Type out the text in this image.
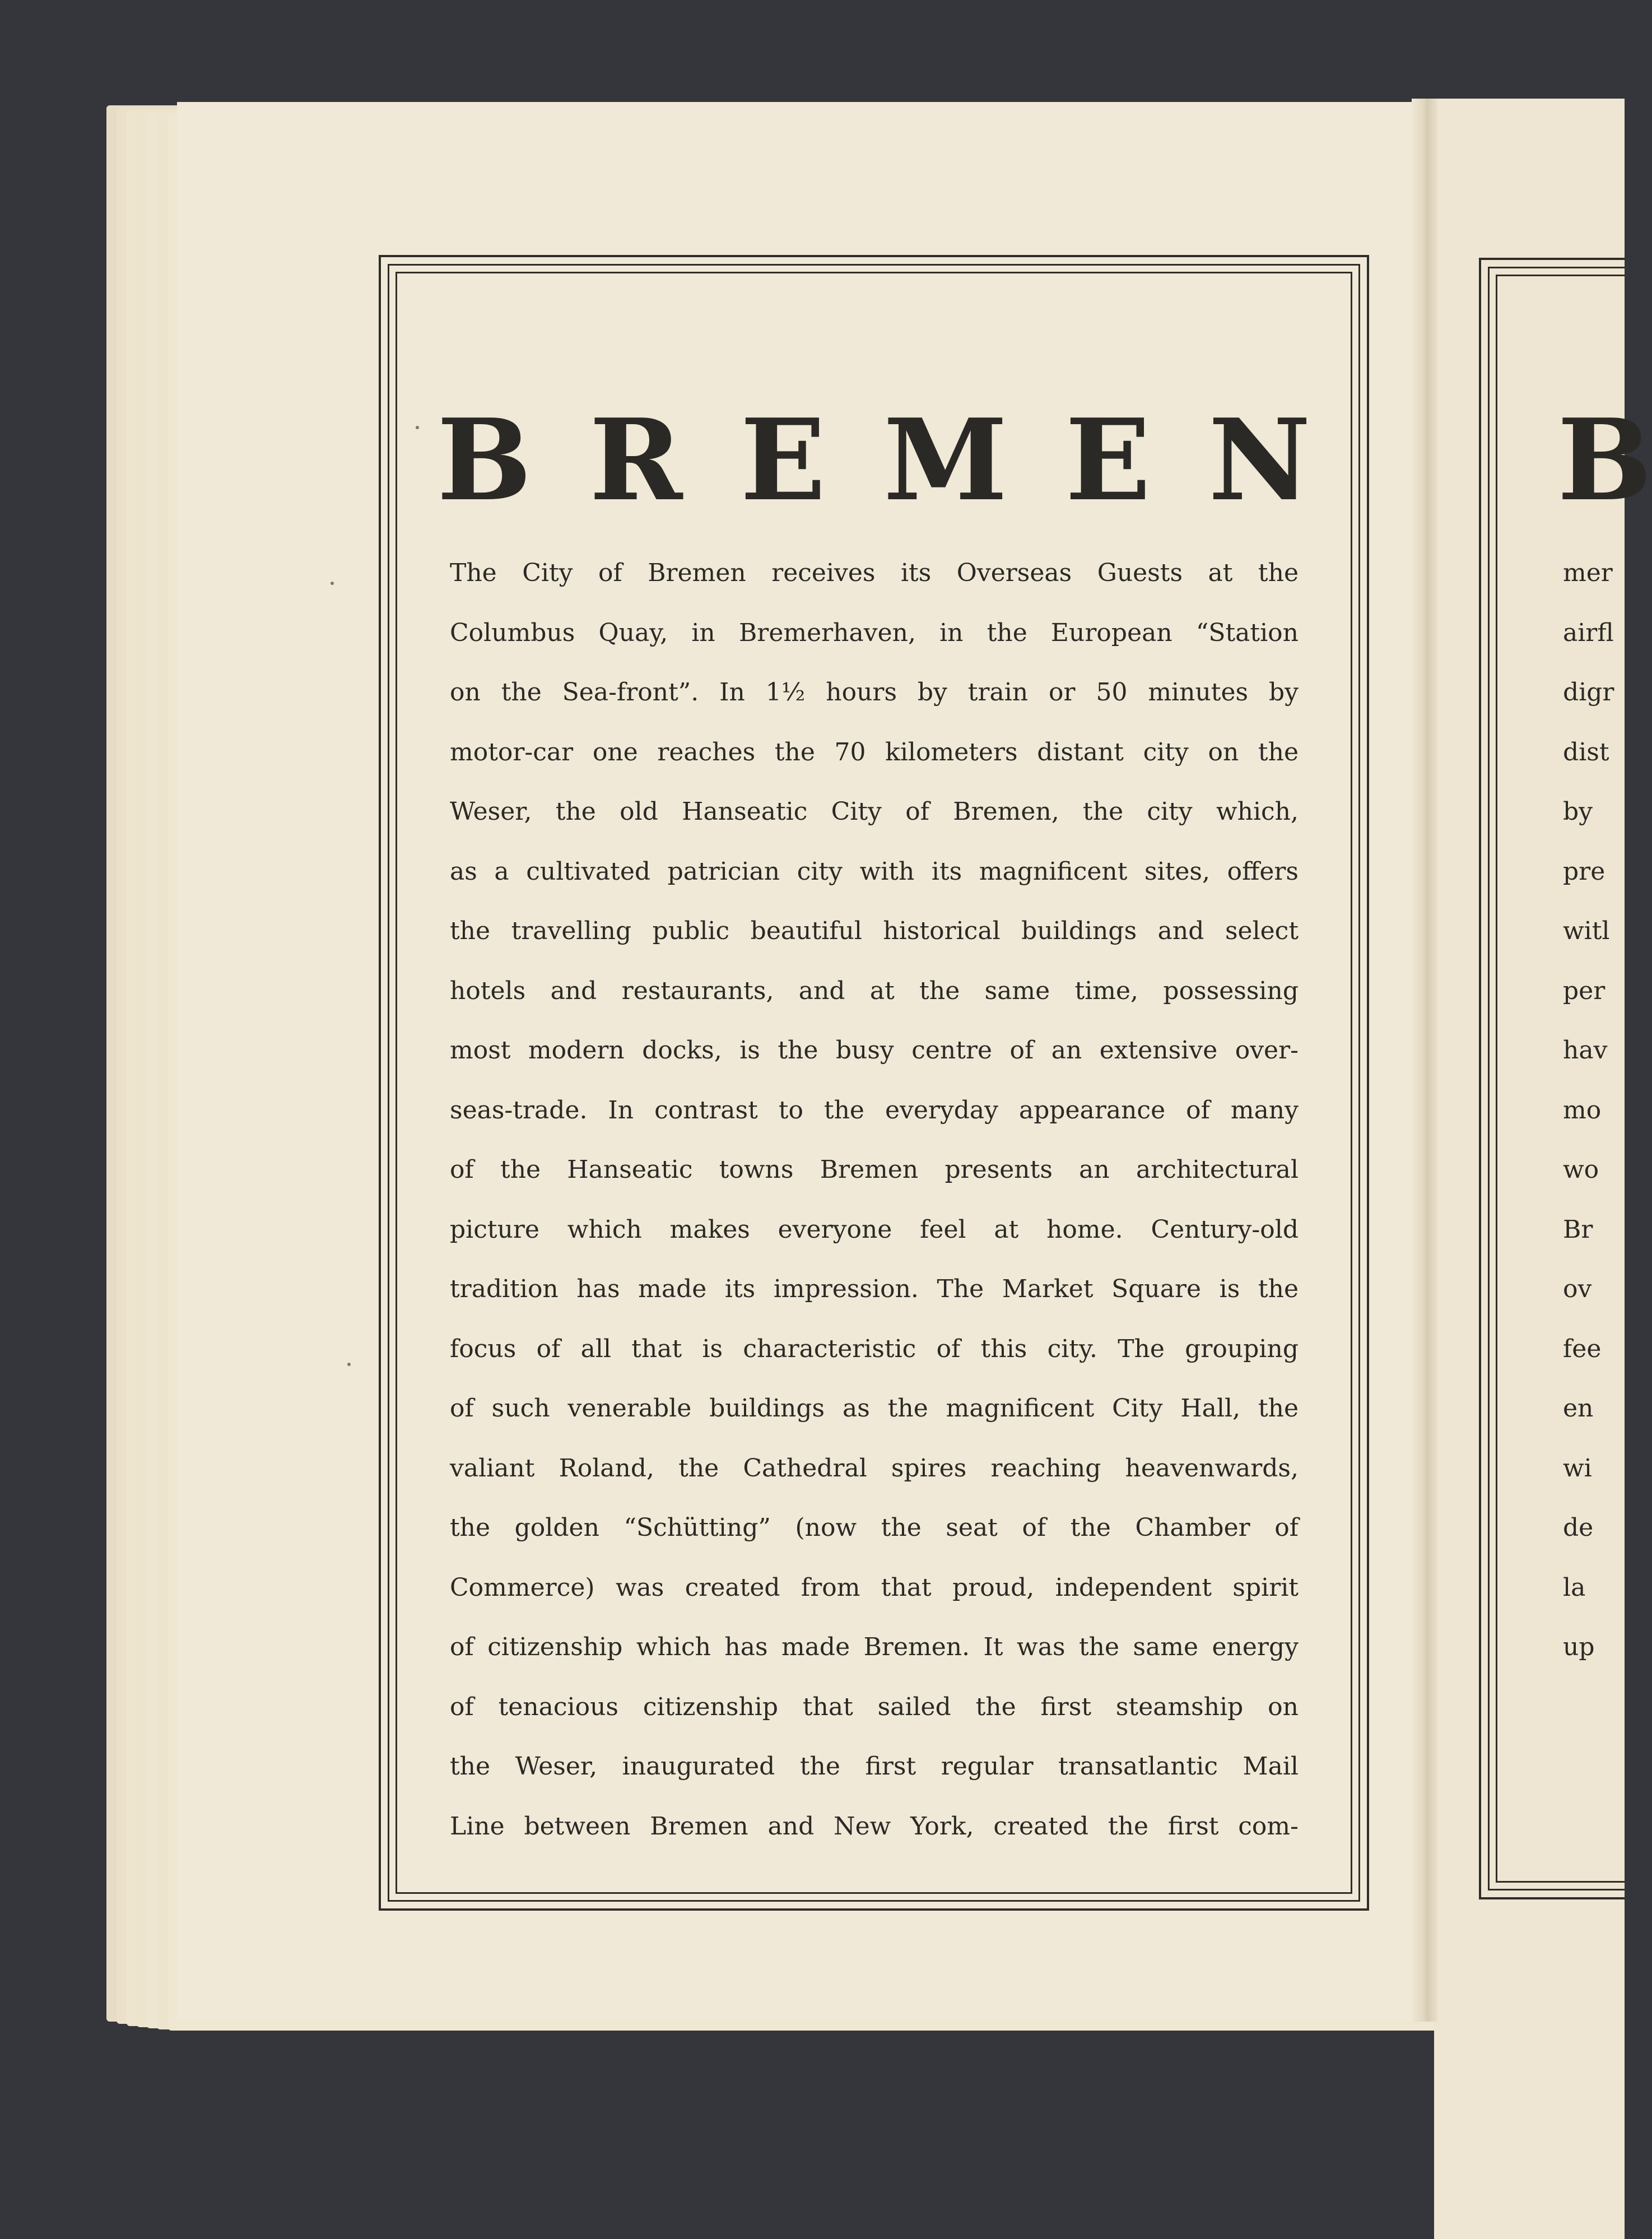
B R E M E N
The City of Bremen receives its Overseas Guests at the
Columbus Quay, in Bremerhaven, in the European “Station
on the Sea-front”. In 1½ hours by train or 50 minutes by
motor-car one reaches the 70 kilometers distant city on the
Weser, the old Hanseatic City of Bremen, the city which,
as a cultivated patrician city with its magnificent sites, offers
the travelling public beautiful historical buildings and select
hotels and restaurants, and at the same time, possessing
most modern docks, is the busy centre of an extensive over-
seas-trade. In contrast to the everyday appearance of many
of the Hanseatic towns Bremen presents an architectural
picture which makes everyone feel at home. Century-old
tradition has made its impression. The Market Square is the
focus of all that is characteristic of this city. The grouping
of such venerable buildings as the magnificent City Hall, the
valiant Roland, the Cathedral spires reaching heavenwards,
the golden “Schütting” (now the seat of the Chamber of
Commerce) was created from that proud, independent spirit
of citizenship which has made Bremen. It was the same energy
of tenacious citizenship that sailed the first steamship on
the Weser, inaugurated the first regular transatlantic Mail
Line between Bremen and New York, created the first com-
B
mer
airfl
digr
dist
by
pre
witl
per
hav
mo
wo
Br
ov
fee
en
wi
de
la
up
